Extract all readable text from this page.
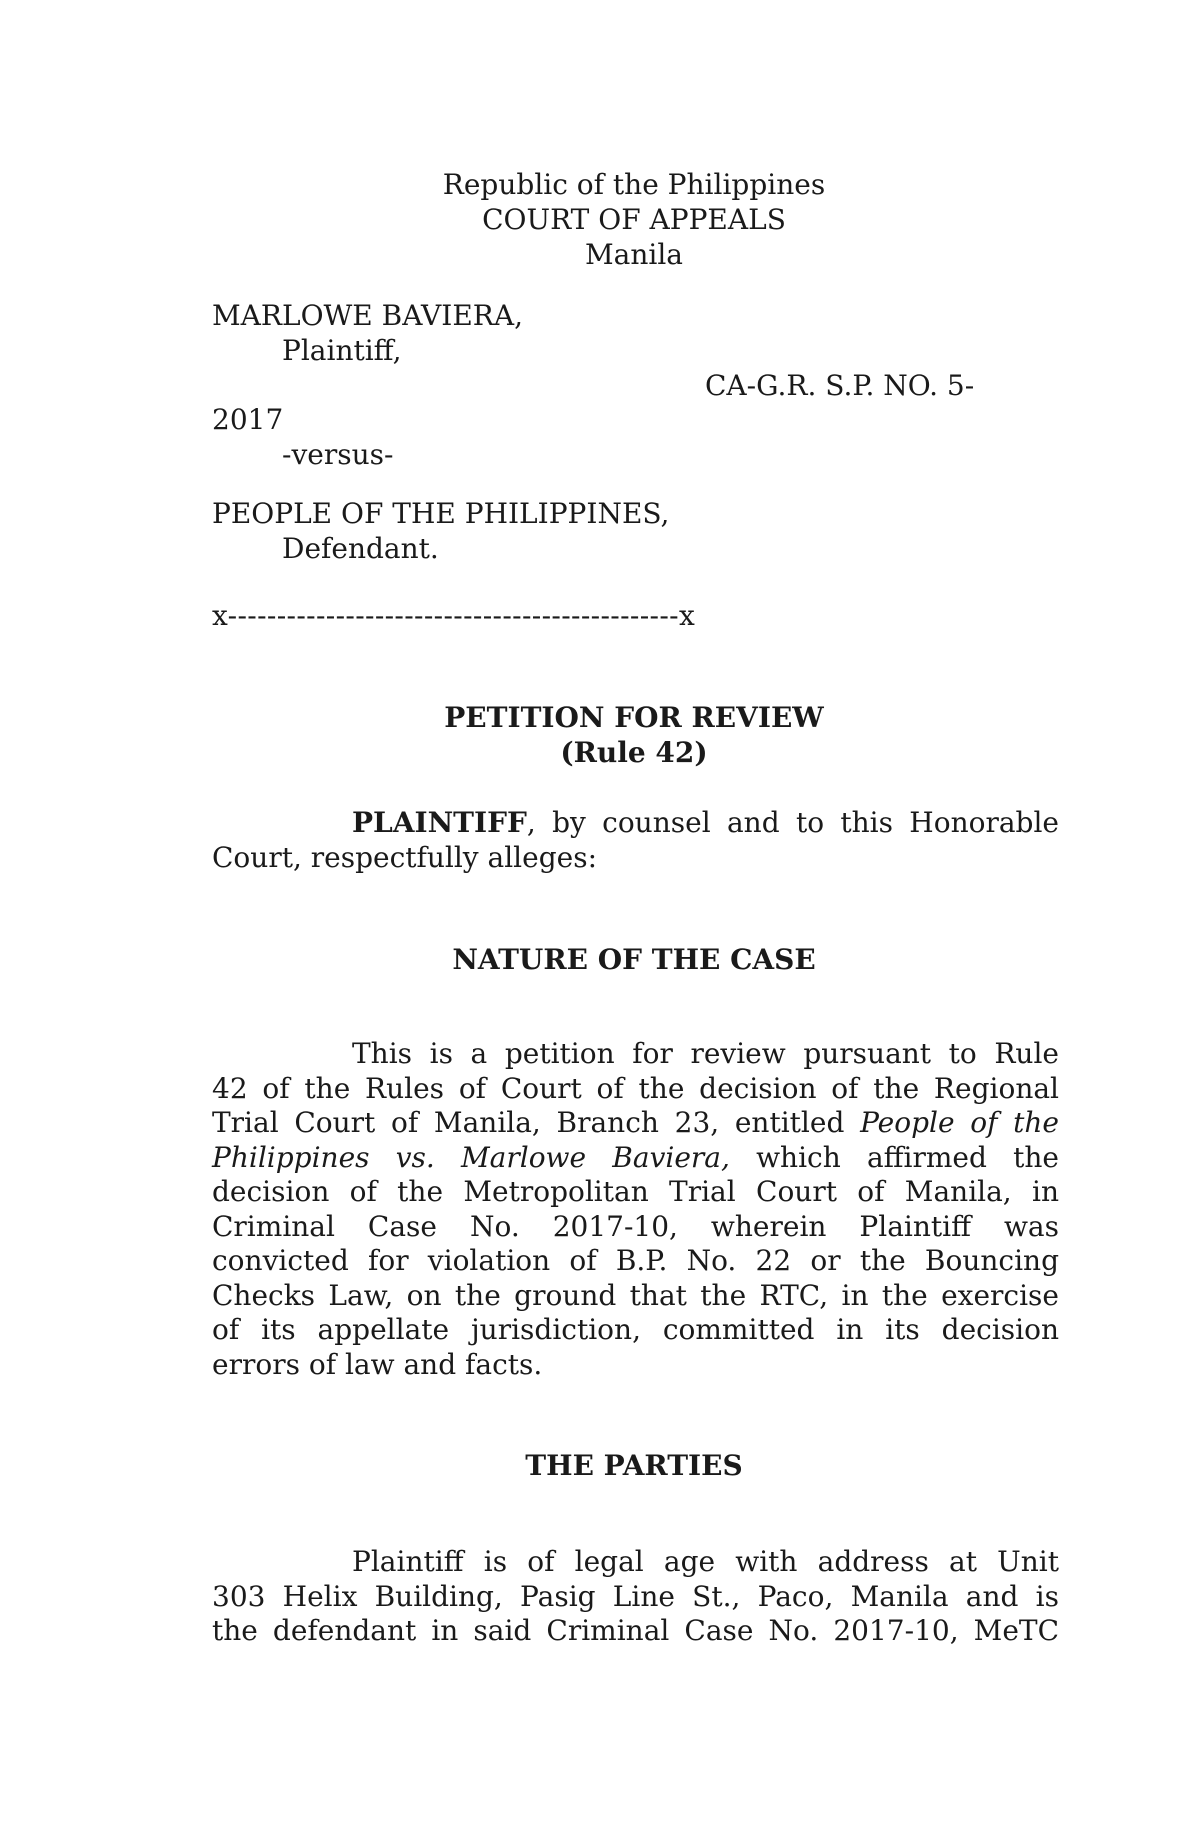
Republic of the Philippines
COURT OF APPEALS
Manila
MARLOWE BAVIERA,
Plaintiff,
CA-G.R. S.P. NO. 5-
2017
-versus-
PEOPLE OF THE PHILIPPINES,
Defendant.
x----------------------------------------------x
PETITION FOR REVIEW
(Rule 42)
PLAINTIFF, by counsel and to this Honorable
Court, respectfully alleges:
NATURE OF THE CASE
This is a petition for review pursuant to Rule
42 of the Rules of Court of the decision of the Regional
Trial Court of Manila, Branch 23, entitled People of the
Philippines vs. Marlowe Baviera, which affirmed the
decision of the Metropolitan Trial Court of Manila, in
Criminal Case No. 2017-10, wherein Plaintiff was
convicted for violation of B.P. No. 22 or the Bouncing
Checks Law, on the ground that the RTC, in the exercise
of its appellate jurisdiction, committed in its decision
errors of law and facts.
THE PARTIES
Plaintiff is of legal age with address at Unit
303 Helix Building, Pasig Line St., Paco, Manila and is
the defendant in said Criminal Case No. 2017-10, MeTC
